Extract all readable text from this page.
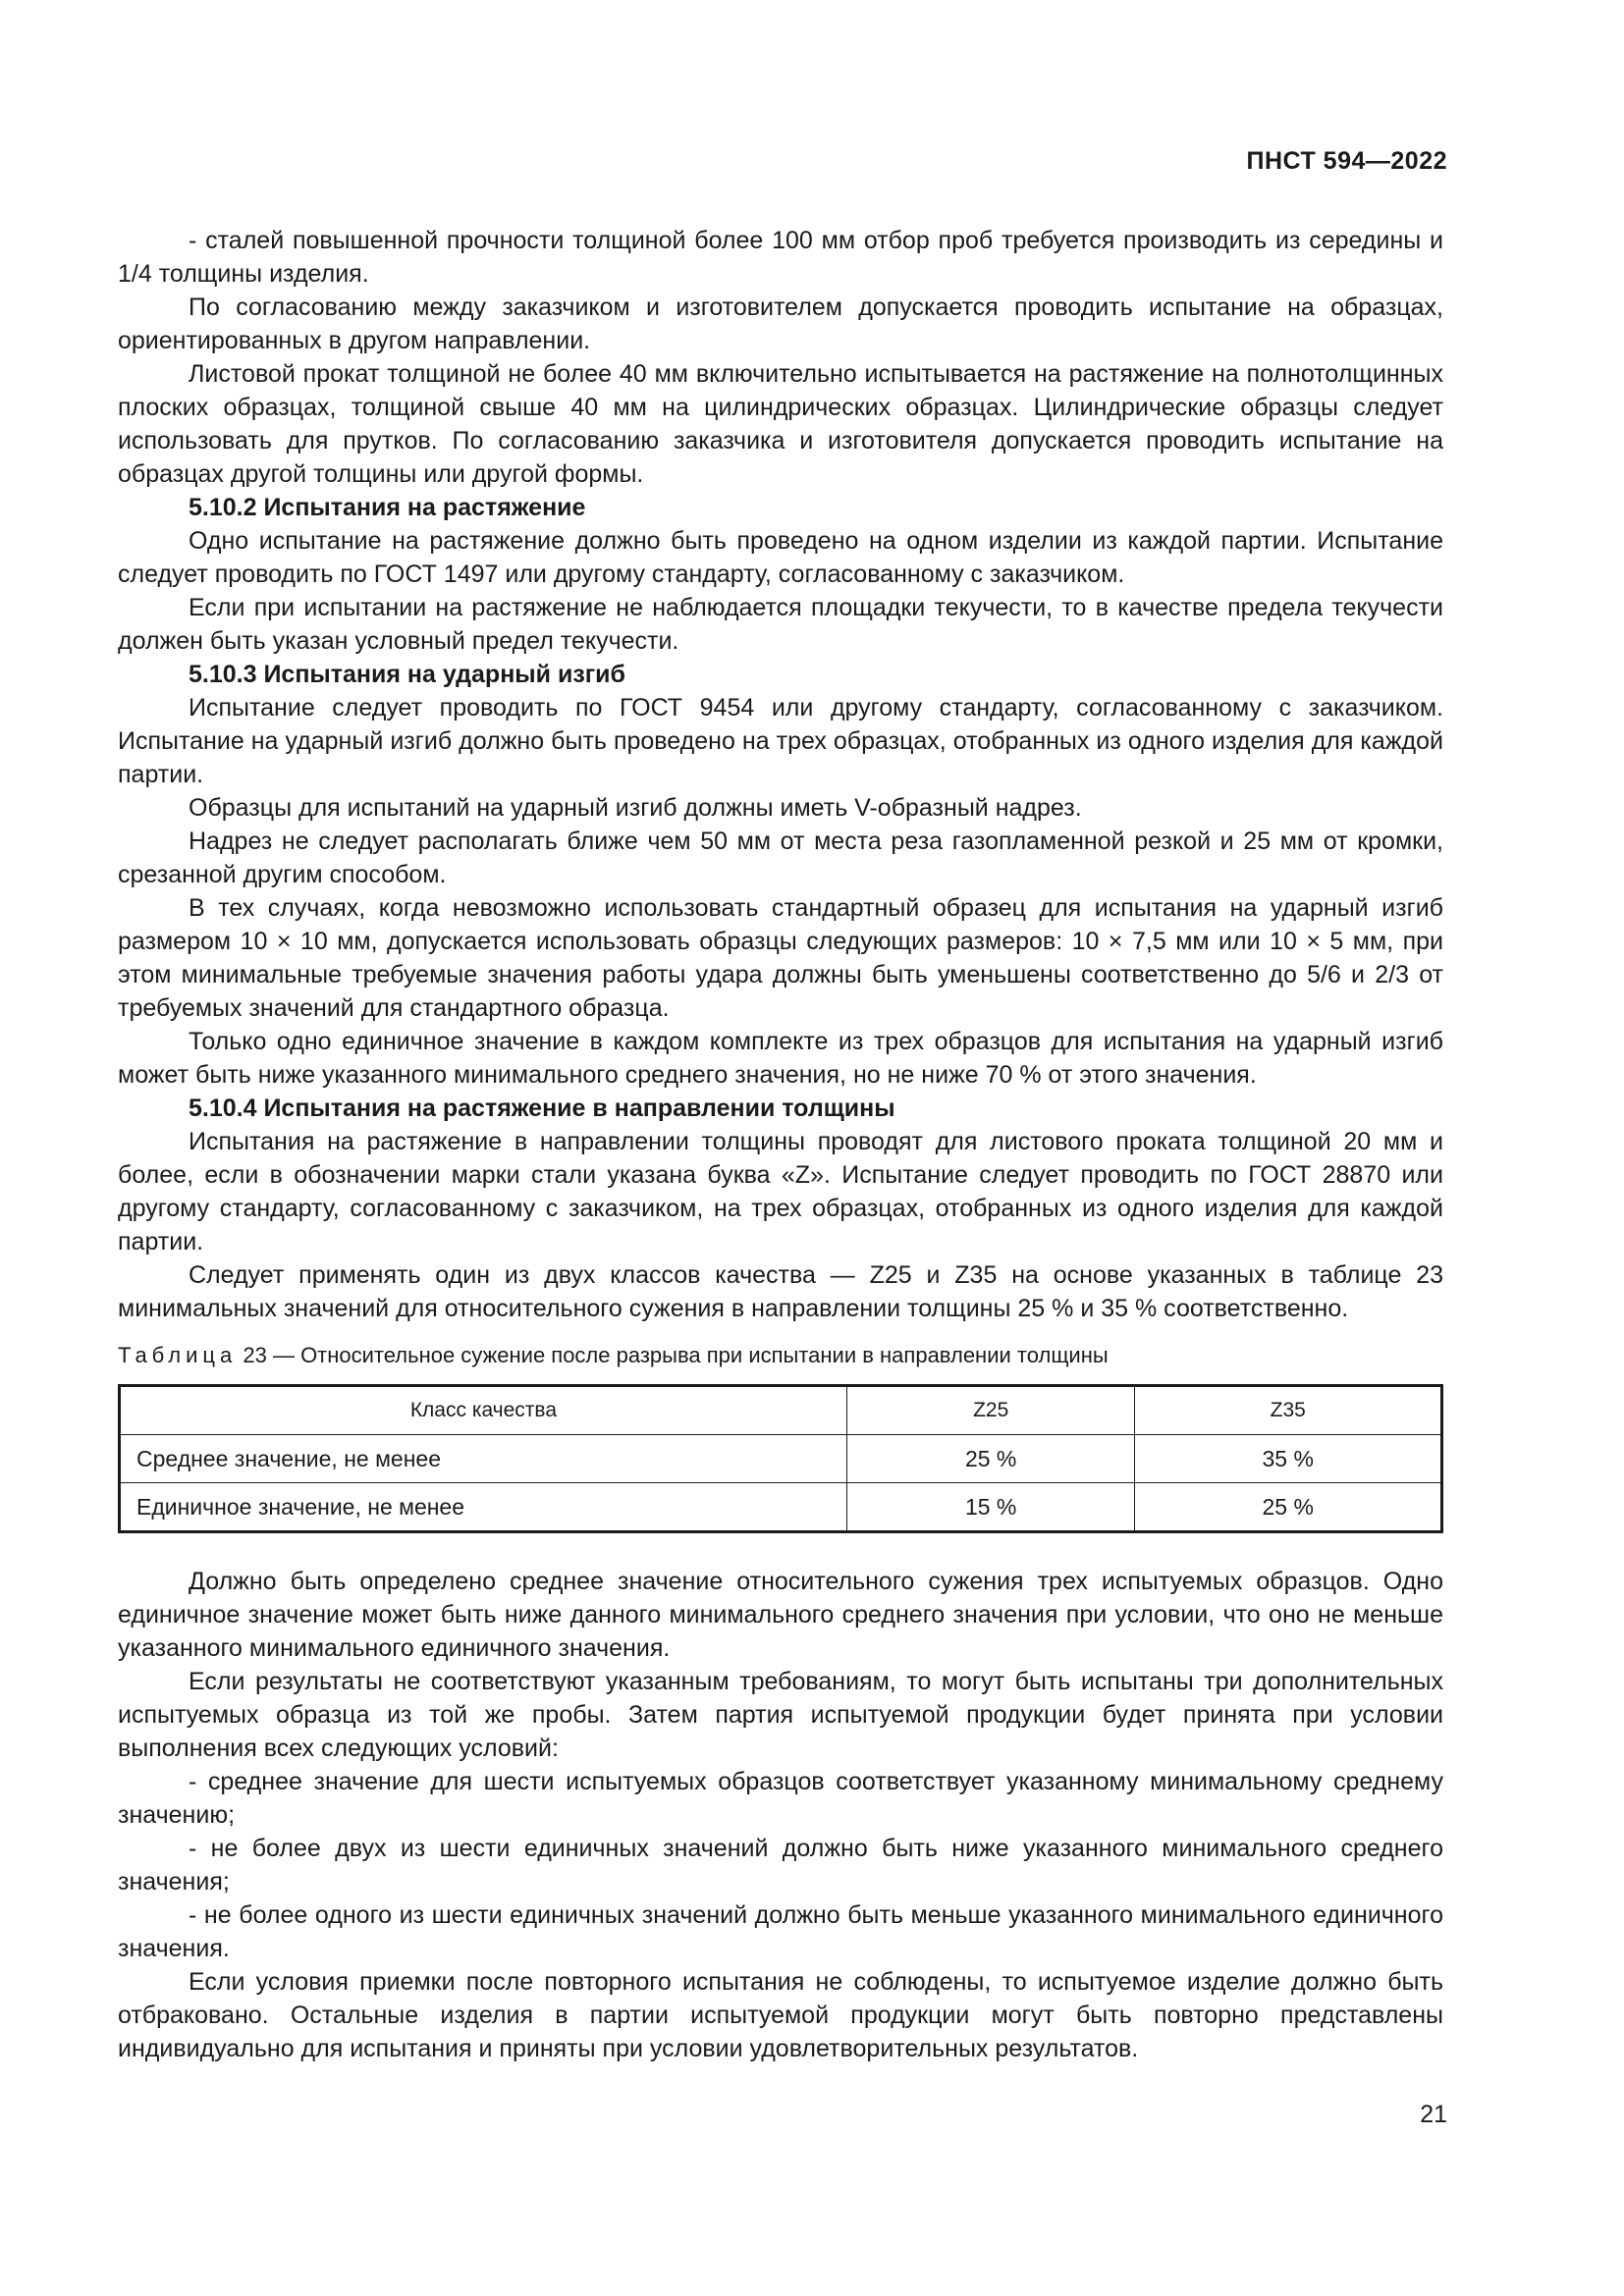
ПНСТ 594—2022

- сталей повышенной прочности толщиной более 100 мм отбор проб требуется производить из середины и 1/4 толщины изделия.

По согласованию между заказчиком и изготовителем допускается проводить испытание на образцах, ориентированных в другом направлении.

Листовой прокат толщиной не более 40 мм включительно испытывается на растяжение на полнотолщинных плоских образцах, толщиной свыше 40 мм на цилиндрических образцах. Цилиндрические образцы следует использовать для прутков. По согласованию заказчика и изготовителя допускается проводить испытание на образцах другой толщины или другой формы.

5.10.2 Испытания на растяжение

Одно испытание на растяжение должно быть проведено на одном изделии из каждой партии. Испытание следует проводить по ГОСТ 1497 или другому стандарту, согласованному с заказчиком.

Если при испытании на растяжение не наблюдается площадки текучести, то в качестве предела текучести должен быть указан условный предел текучести.

5.10.3 Испытания на ударный изгиб

Испытание следует проводить по ГОСТ 9454 или другому стандарту, согласованному с заказчиком. Испытание на ударный изгиб должно быть проведено на трех образцах, отобранных из одного изделия для каждой партии.

Образцы для испытаний на ударный изгиб должны иметь V-образный надрез.

Надрез не следует располагать ближе чем 50 мм от места реза газопламенной резкой и 25 мм от кромки, срезанной другим способом.

В тех случаях, когда невозможно использовать стандартный образец для испытания на ударный изгиб размером 10 × 10 мм, допускается использовать образцы следующих размеров: 10 × 7,5 мм или 10 × 5 мм, при этом минимальные требуемые значения работы удара должны быть уменьшены соответственно до 5/6 и 2/3 от требуемых значений для стандартного образца.

Только одно единичное значение в каждом комплекте из трех образцов для испытания на ударный изгиб может быть ниже указанного минимального среднего значения, но не ниже 70 % от этого значения.

5.10.4 Испытания на растяжение в направлении толщины

Испытания на растяжение в направлении толщины проводят для листового проката толщиной 20 мм и более, если в обозначении марки стали указана буква «Z». Испытание следует проводить по ГОСТ 28870 или другому стандарту, согласованному с заказчиком, на трех образцах, отобранных из одного изделия для каждой партии.

Следует применять один из двух классов качества — Z25 и Z35 на основе указанных в таблице 23 минимальных значений для относительного сужения в направлении толщины 25 % и 35 % соответственно.

Таблица 23 — Относительное сужение после разрыва при испытании в направлении толщины

Класс качества	Z25	Z35
Среднее значение, не менее	25 %	35 %
Единичное значение, не менее	15 %	25 %

Должно быть определено среднее значение относительного сужения трех испытуемых образцов. Одно единичное значение может быть ниже данного минимального среднего значения при условии, что оно не меньше указанного минимального единичного значения.

Если результаты не соответствуют указанным требованиям, то могут быть испытаны три дополнительных испытуемых образца из той же пробы. Затем партия испытуемой продукции будет принята при условии выполнения всех следующих условий:

- среднее значение для шести испытуемых образцов соответствует указанному минимальному среднему значению;

- не более двух из шести единичных значений должно быть ниже указанного минимального среднего значения;

- не более одного из шести единичных значений должно быть меньше указанного минимального единичного значения.

Если условия приемки после повторного испытания не соблюдены, то испытуемое изделие должно быть отбраковано. Остальные изделия в партии испытуемой продукции могут быть повторно представлены индивидуально для испытания и приняты при условии удовлетворительных результатов.

21
